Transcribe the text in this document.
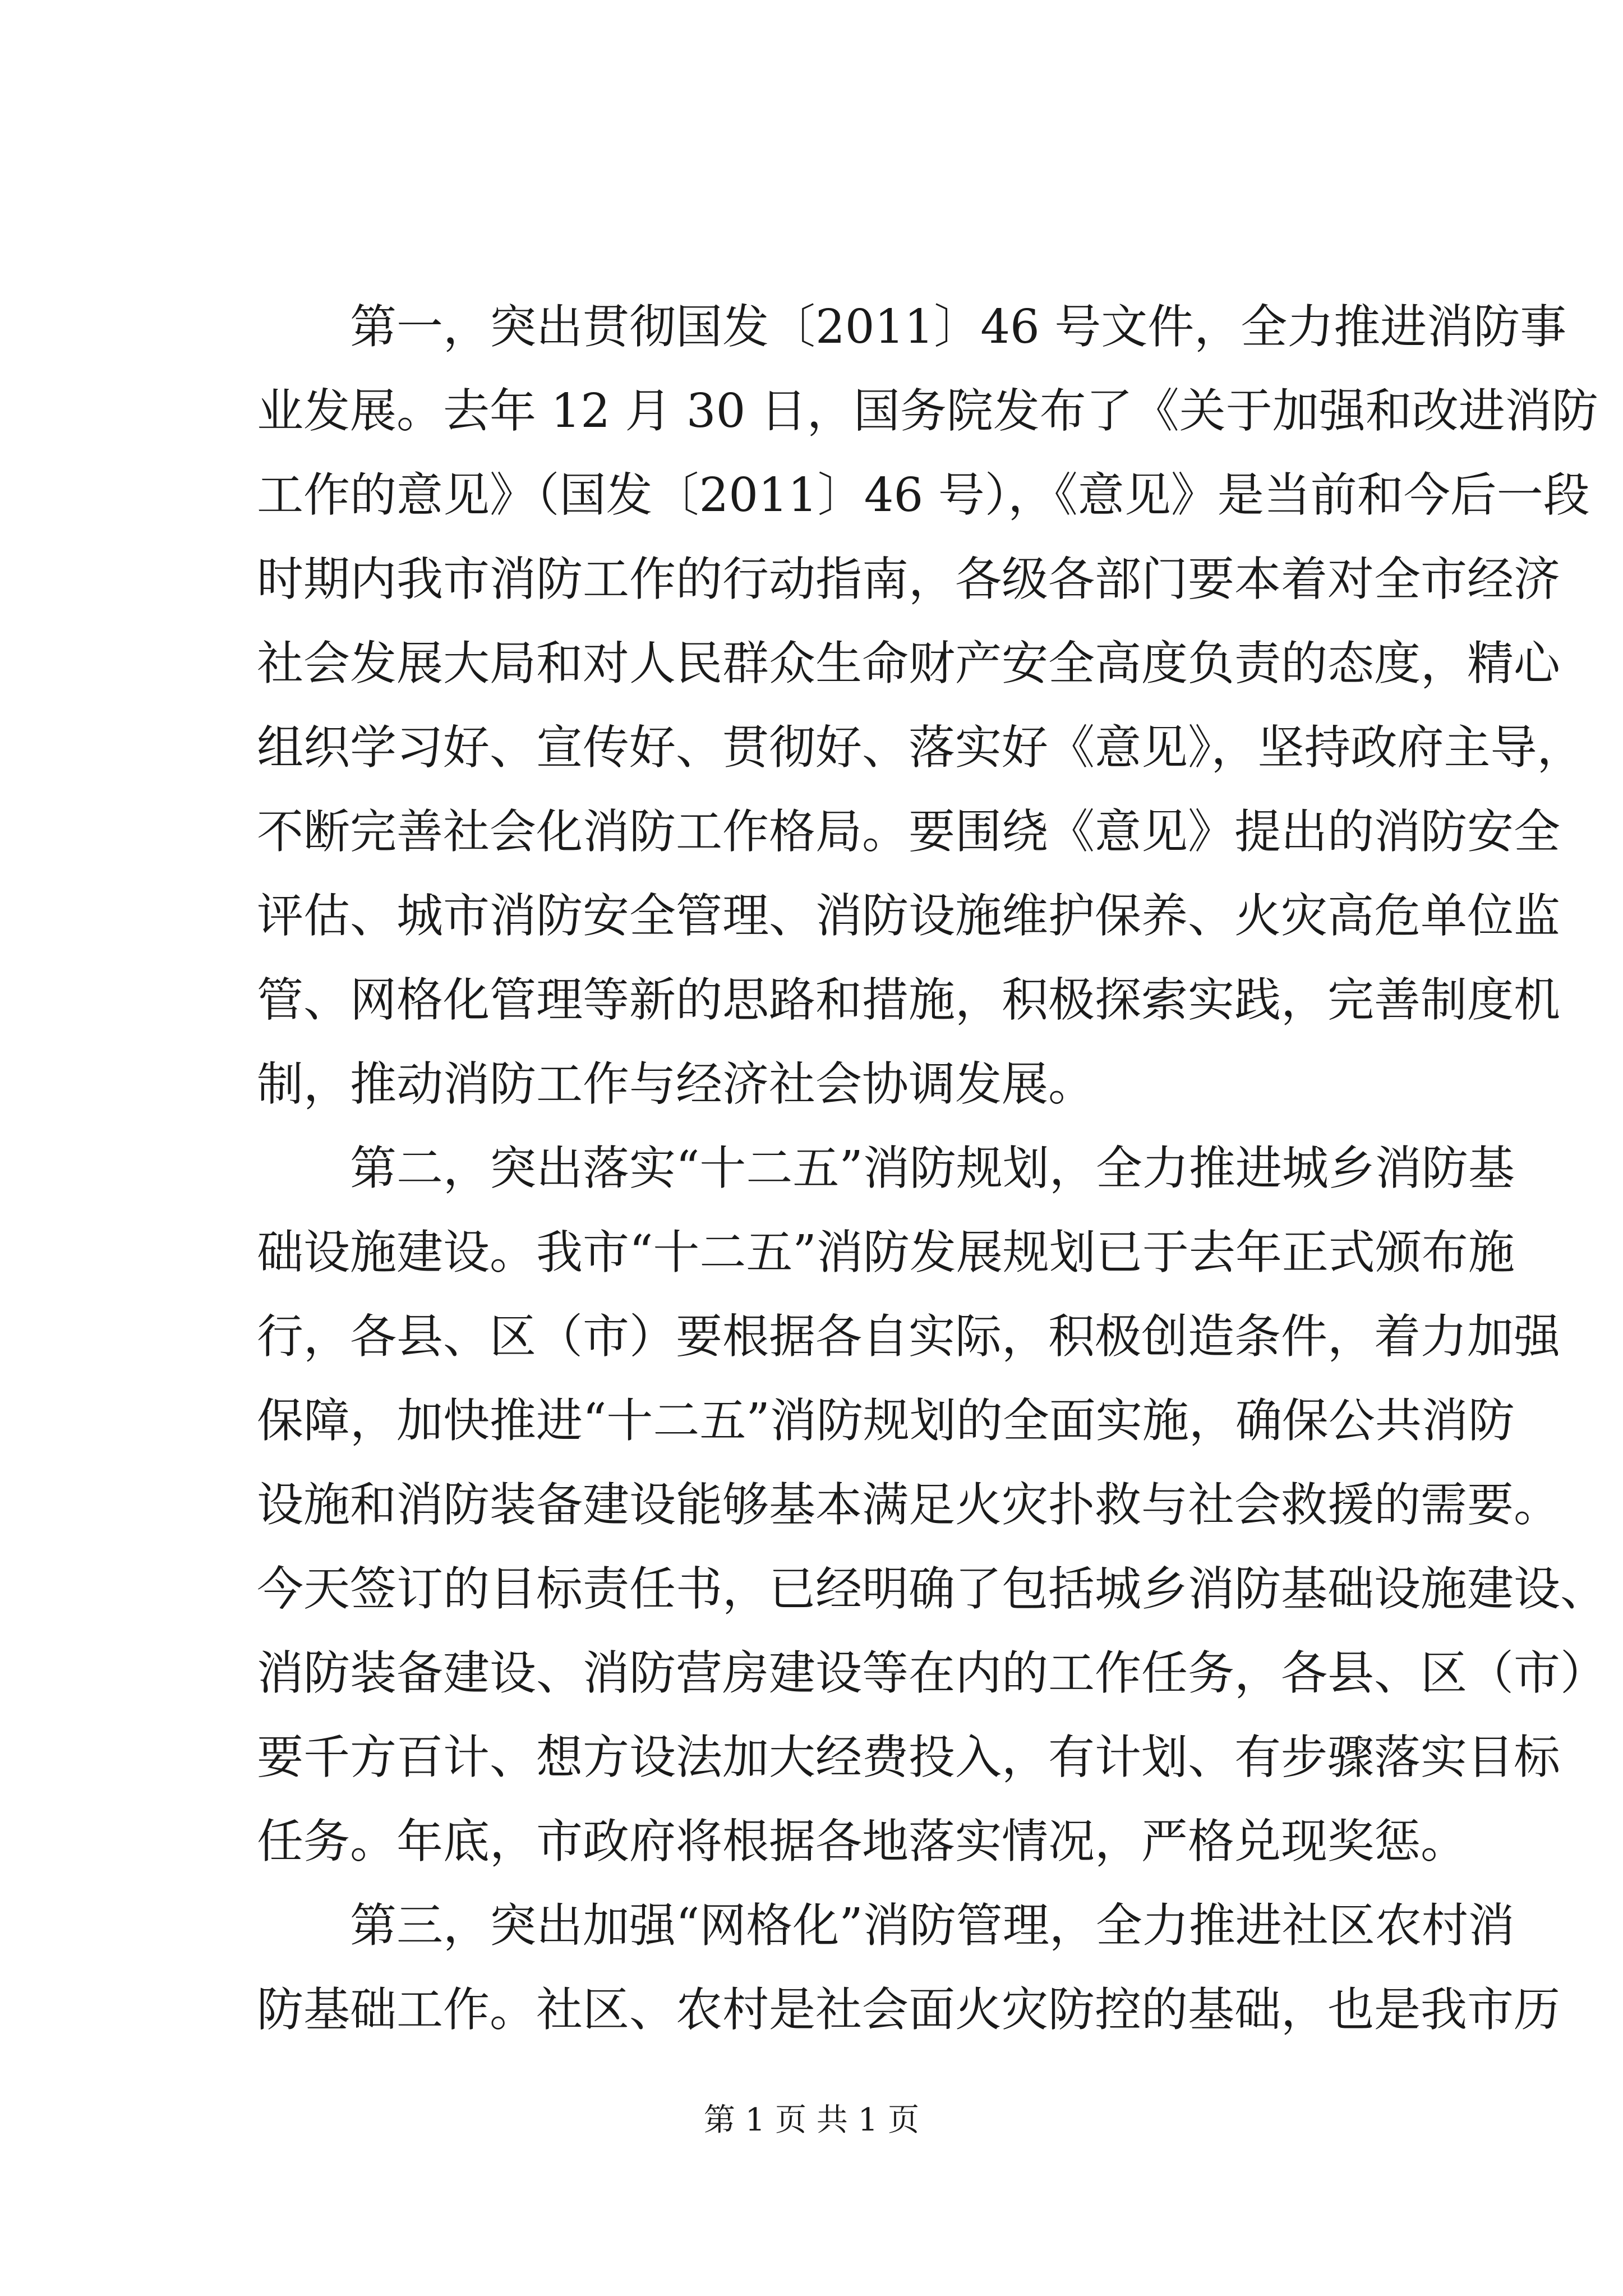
　　第一，突出贯彻国发〔2011〕46 号文件，全力推进消防事
业发展。去年 12 月 30 日，国务院发布了《关于加强和改进消防
工作的意见》（国发〔2011〕46 号），《意见》是当前和今后一段
时期内我市消防工作的行动指南，各级各部门要本着对全市经济
社会发展大局和对人民群众生命财产安全高度负责的态度，精心
组织学习好、宣传好、贯彻好、落实好《意见》，坚持政府主导，
不断完善社会化消防工作格局。要围绕《意见》提出的消防安全
评估、城市消防安全管理、消防设施维护保养、火灾高危单位监
管、网格化管理等新的思路和措施，积极探索实践，完善制度机
制，推动消防工作与经济社会协调发展。
　　第二，突出落实“十二五”消防规划，全力推进城乡消防基
础设施建设。我市“十二五”消防发展规划已于去年正式颁布施
行，各县、区（市）要根据各自实际，积极创造条件，着力加强
保障，加快推进“十二五”消防规划的全面实施，确保公共消防
设施和消防装备建设能够基本满足火灾扑救与社会救援的需要。
今天签订的目标责任书，已经明确了包括城乡消防基础设施建设、
消防装备建设、消防营房建设等在内的工作任务，各县、区（市）
要千方百计、想方设法加大经费投入，有计划、有步骤落实目标
任务。年底，市政府将根据各地落实情况，严格兑现奖惩。
　　第三，突出加强“网格化”消防管理，全力推进社区农村消
防基础工作。社区、农村是社会面火灾防控的基础，也是我市历
第 1 页 共 1 页
